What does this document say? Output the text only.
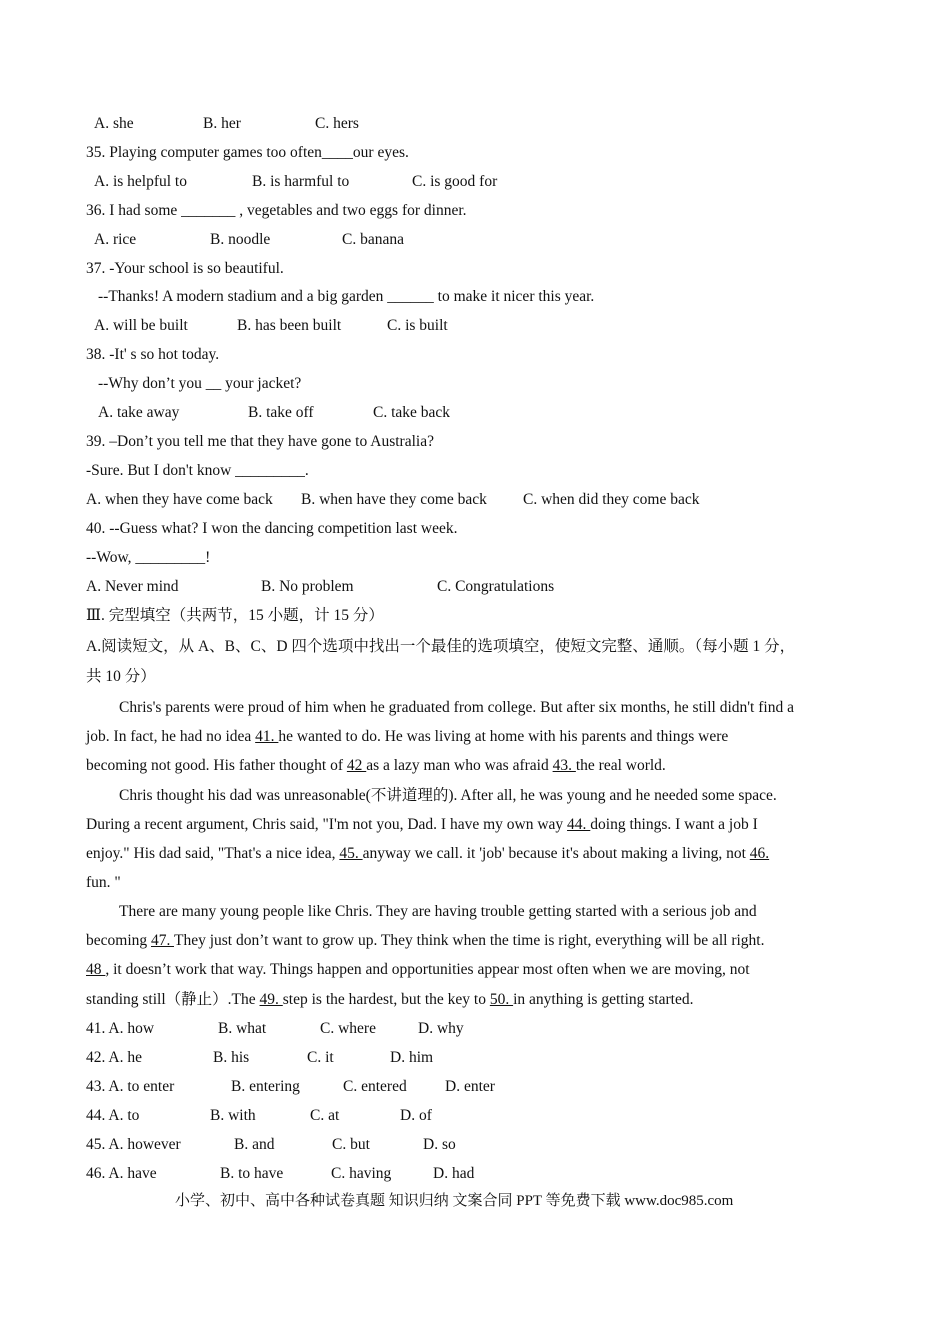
A. she	B. her	C. hers
35. Playing computer games too often____our eyes.
A. is helpful to	B. is harmful to	C. is good for
36. I had some _______ , vegetables and two eggs for dinner.
A. rice	B. noodle	C. banana
37. -Your school is so beautiful.
--Thanks! A modern stadium and a big garden ______ to make it nicer this year.
A. will be built	B. has been built	C. is built
38. -It' s so hot today.
--Why don’t you __ your jacket?
A. take away	B. take off	C. take back
39. –Don’t you tell me that they have gone to Australia?
-Sure. But I don't know _________.
A. when they have come back B. when have they come back C. when did they come back
40. --Guess what? I won the dancing competition last week.
--Wow, _________!
A. Never mind	B. No problem	C. Congratulations
Ⅲ. 完型填空（共两节，15 小题，计 15 分）
A.阅读短文，从 A、B、C、D 四个选项中找出一个最佳的选项填空，使短文完整、通顺。（每小题 1 分，
共 10 分）
Chris's parents were proud of him when he graduated from college. But after six months, he still didn't find a
job. In fact, he had no idea 41. he wanted to do. He was living at home with his parents and things were
becoming not good. His father thought of 42 as a lazy man who was afraid 43. the real world.
Chris thought his dad was unreasonable(不讲道理的). After all, he was young and he needed some space.
During a recent argument, Chris said, "I'm not you, Dad. I have my own way 44. doing things. I want a job I
enjoy." His dad said, "That's a nice idea, 45. anyway we call. it 'job' because it's about making a living, not 46.
fun. "
There are many young people like Chris. They are having trouble getting started with a serious job and
becoming 47. They just don’t want to grow up. They think when the time is right, everything will be all right.
48 , it doesn’t work that way. Things happen and opportunities appear most often when we are moving, not
standing still（静止）.The 49. step is the hardest, but the key to 50. in anything is getting started.
41. A. how	B. what	C. where	D. why
42. A. he	B. his	C. it	D. him
43. A. to enter	B. entering	C. entered D. enter
44. A. to	B. with	C. at	D. of
45. A. however	B. and	C. but	D. so
46. A. have	B. to have	C. having	D. had
小学、初中、高中各种试卷真题 知识归纳 文案合同 PPT 等免费下载 www.doc985.com
